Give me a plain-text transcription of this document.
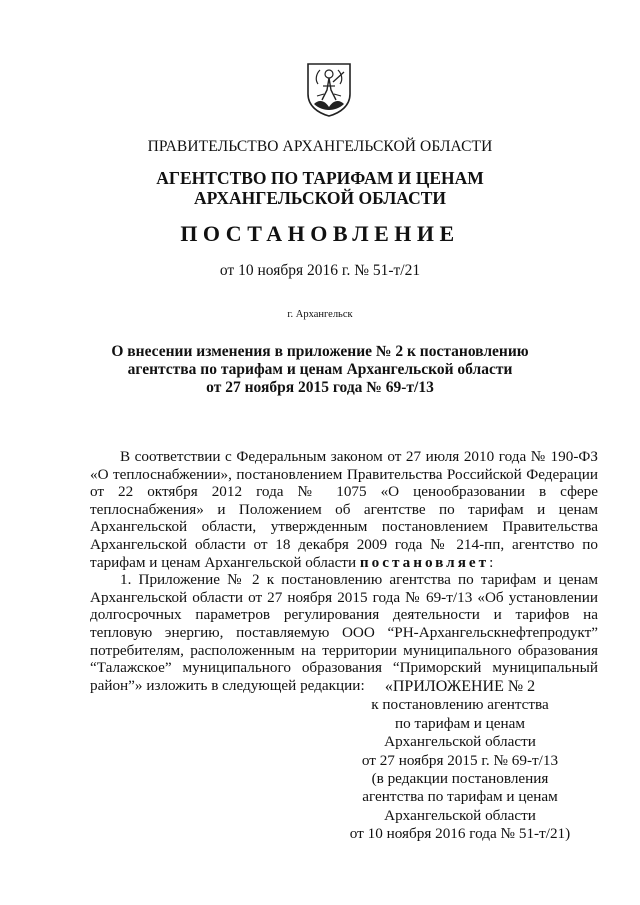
ПРАВИТЕЛЬСТВО АРХАНГЕЛЬСКОЙ ОБЛАСТИ
АГЕНТСТВО ПО ТАРИФАМ И ЦЕНАМ
АРХАНГЕЛЬСКОЙ ОБЛАСТИ
ПОСТАНОВЛЕНИЕ
от 10 ноября 2016 г. № 51-т/21
г. Архангельск
О внесении изменения в приложение № 2 к постановлению
агентства по тарифам и ценам Архангельской области
от 27 ноября 2015 года № 69-т/13

В соответствии с Федеральным законом от 27 июля 2010 года № 190-ФЗ «О теплоснабжении», постановлением Правительства Российской Федерации от 22 октября 2012 года № 1075 «О ценообразовании в сфере теплоснабжения» и Положением об агентстве по тарифам и ценам Архангельской области, утвержденным постановлением Правительства Архангельской области от 18 декабря 2009 года № 214-пп, агентство по тарифам и ценам Архангельской области постановляет:

1. Приложение № 2 к постановлению агентства по тарифам и ценам Архангельской области от 27 ноября 2015 года № 69-т/13 «Об установлении долгосрочных параметров регулирования деятельности и тарифов на тепловую энергию, поставляемую ООО “РН-Архангельскнефтепродукт” потребителям, расположенным на территории муниципального образования “Талажское” муниципального образования “Приморский муниципальный район”» изложить в следующей редакции:	«ПРИЛОЖЕНИЕ № 2
к постановлению агентства
по тарифам и ценам
Архангельской области
от 27 ноября 2015 г. № 69-т/13
(в редакции постановления
агентства по тарифам и ценам
Архангельской области
от 10 ноября 2016 года № 51-т/21)
